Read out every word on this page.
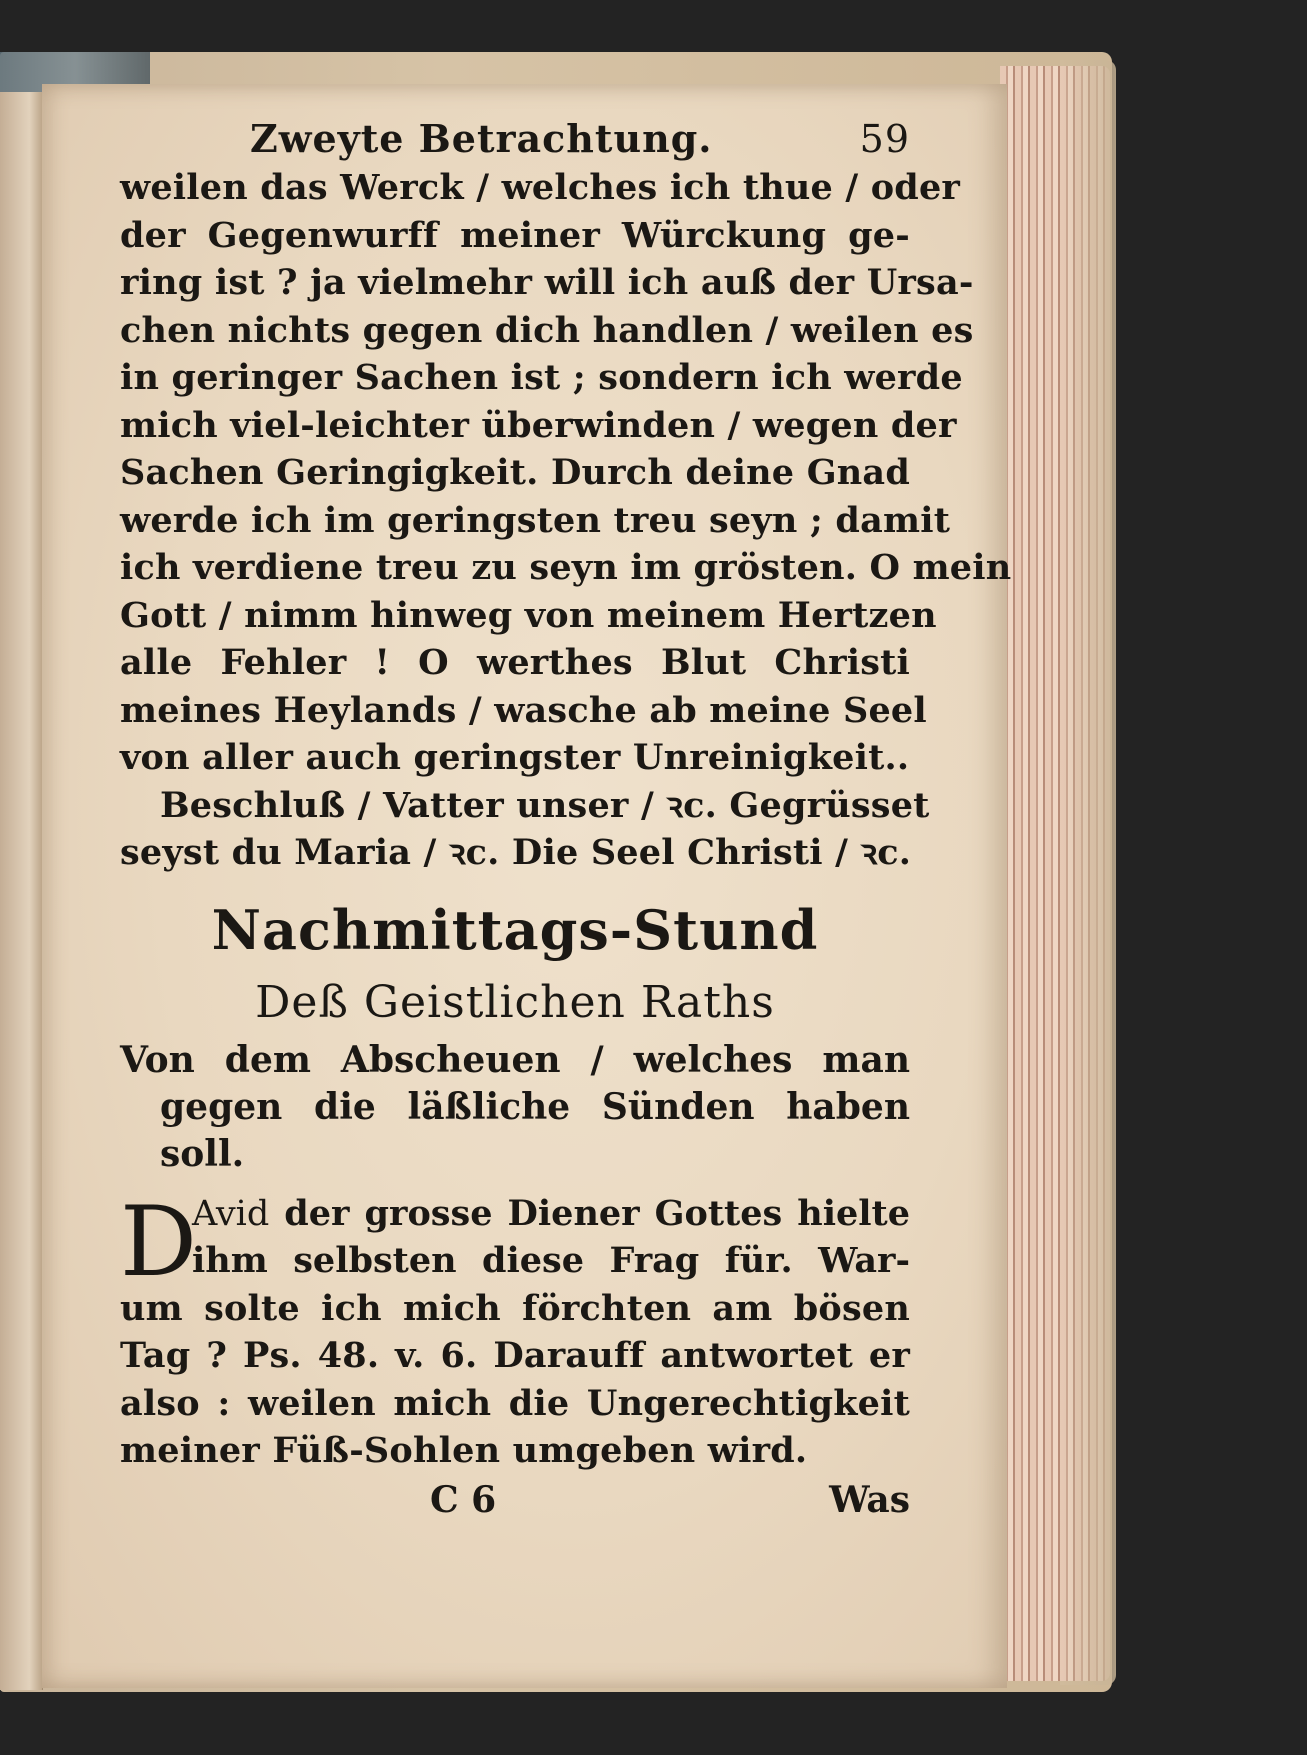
Zweyte Betrachtung.	59
weilen das Werck / welches ich thue / oder
der Gegenwurff meiner Würckung ge-
ring ist ? ja vielmehr will ich auß der Ursa-
chen nichts gegen dich handlen / weilen es
in geringer Sachen ist ; sondern ich werde
mich viel-leichter überwinden / wegen der
Sachen Geringigkeit. Durch deine Gnad
werde ich im geringsten treu seyn ; damit
ich verdiene treu zu seyn im grösten. O mein
Gott / nimm hinweg von meinem Hertzen
alle Fehler ! O werthes Blut Christi
meines Heylands / wasche ab meine Seel
von aller auch geringster Unreinigkeit..
Beschluß / Vatter unser / ꝛc. Gegrüsset
seyst du Maria / ꝛc. Die Seel Christi / ꝛc.
Nachmittags-Stund
Deß Geistlichen Raths
Von dem Abscheuen / welches man
gegen die läßliche Sünden haben
soll.
D
Avid der grosse Diener Gottes hielte
ihm selbsten diese Frag für. War-
um solte ich mich förchten am bösen
Tag ? Ps. 48. v. 6. Darauff antwortet er
also : weilen mich die Ungerechtigkeit
meiner Füß-Sohlen umgeben wird.
C 6	Was
